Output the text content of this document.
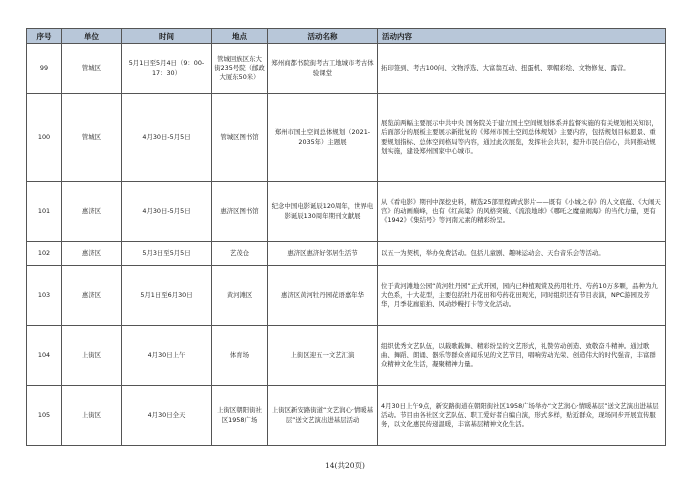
序号	单位	时间	地点	活动名称	活动内容
99	管城区	5月1日至5月4日（9：00-17：30）	管城回族区东大街235号院（邮政大厦东50米）	郑州商都书院街考古工地城市考古体验课堂	拓印签到、考古100问、文物浮选、大富翁互动、扭蛋机、翠帽彩绘、文物修复、露营。
100	管城区	4月30日-5月5日	管城区图书馆	郑州市国土空间总体规划（2021-2035年）主题展	展览前两幅主要展示中共中央 国务院关于建立国土空间规划体系并监督实施的有关规划相关知识，后面部分的展板主要展示新批复的《郑州市国土空间总体规划》主要内容，包括规划目标愿景、重要规划指标、总体空间格局等内容，通过此次展览，发挥社会共识，提升市民自信心，共同推动规划实施，建设郑州国家中心城市。
101	惠济区	4月30日-5月5日	惠济区图书馆	纪念中国电影诞辰120周年，世界电影诞辰130周年期刊文献展	从《看电影》期刊中深挖史料，精选25部里程碑式影片——既有《小城之春》的人文底蕴、《大闹天宫》的动画巅峰，也有《红高粱》的风格突破、《流浪地球》《哪吒之魔童闹海》的当代力量，更有《1942》《集结号》等河南元素的精彩纷呈。
102	惠济区	5月3日至5月5日	艺茂仓	惠济区惠济好邻居生活节	以五一为契机，举办免费活动。包括儿童剧、趣味运动会、天台音乐会等活动。
103	惠济区	5月1日至6月30日	黄河滩区	惠济区黄河牡丹园花语嘉年华	位于黄河滩地公园“黄河牡丹园”正式开园，园内已种植观赏及药用牡丹、芍药10万多颗，品种为九大色系，十大花型，主要包括牡丹花田和芍药花田观光，同时组织还有节目表演，NPC游园及芳华，月季花廊旅拍、风动纱幔打卡等文化活动。
104	上街区	4月30日上午	体育场	上街区迎五一文艺汇演	组织优秀文艺队伍，以载歌载舞、精彩纷呈的文艺形式，礼赞劳动创造、致敬奋斗精神。通过歌曲、舞蹈、朗诵、器乐等群众喜闻乐见的文艺节目，唱响劳动光荣、创造伟大的时代强音，丰富群众精神文化生活，凝聚精神力量。
105	上街区	4月30日全天	上街区朝阳街社区1958广场	上街区新安路街道“文艺润心·情暖基层”送文艺演出进基层活动	4月30日上午9点，新安路街道在朝阳街社区1958广场举办“文艺润心·情暖基层”送文艺演出进基层活动。节目由各社区文艺队伍、职工爱好者自编自演，形式多样，贴近群众，现场同步开展宣传服务，以文化惠民传递温暖，丰富基层精神文化生活。
14(共20页)
